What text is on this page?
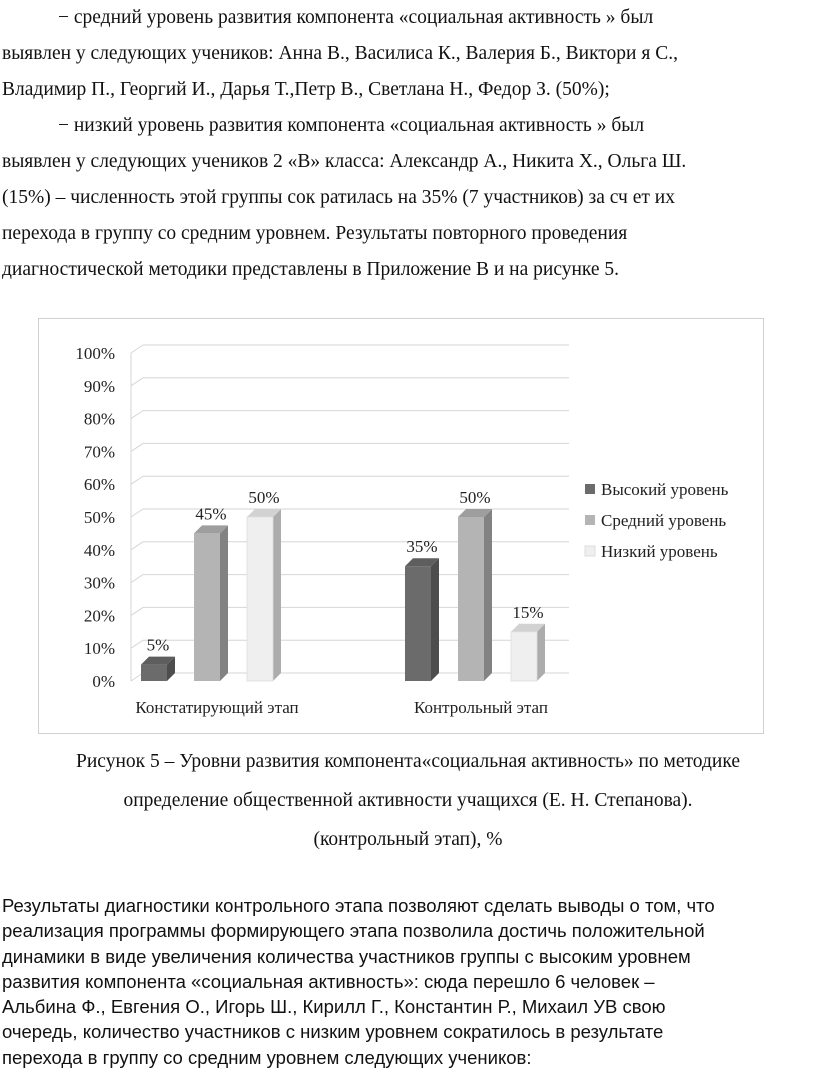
− средний уровень развития компонента «социальная активность » был
выявлен у следующих учеников: Анна В., Василиса К., Валерия Б., Виктори я С.,
Владимир П., Георгий И., Дарья Т.,Петр В., Светлана Н., Федор З. (50%);
− низкий уровень развития компонента «социальная активность » был
выявлен у следующих учеников 2 «В» класса: Александр А., Никита Х., Ольга Ш.
(15%) – численность этой группы сок ратилась на 35% (7 участников) за сч ет их
перехода в группу со средним уровнем. Результаты повторного проведения
диагностической методики представлены в Приложение В и на рисунке 5.
0%
10%
20%
30%
40%
50%
60%
70%
80%
90%
100%
5%
45%
50%
35%
50%
15%
Констатирующий этап	Контрольный этап
Высокий уровень
Средний уровень
Низкий уровень
Рисунок 5 – Уровни развития компонента«социальная активность» по методике
определение общественной активности учащихся (Е. Н. Степанова).
(контрольный этап), %
Результаты диагностики контрольного этапа позволяют сделать выводы о том, что
реализация программы формирующего этапа позволила достичь положительной
динамики в виде увеличения количества участников группы с высоким уровнем
развития компонента «социальная активность»: сюда перешло 6 человек –
Альбина Ф., Евгения О., Игорь Ш., Кирилл Г., Константин Р., Михаил УВ свою
очередь, количество участников с низким уровнем сократилось в результате
перехода в группу со средним уровнем следующих учеников:
